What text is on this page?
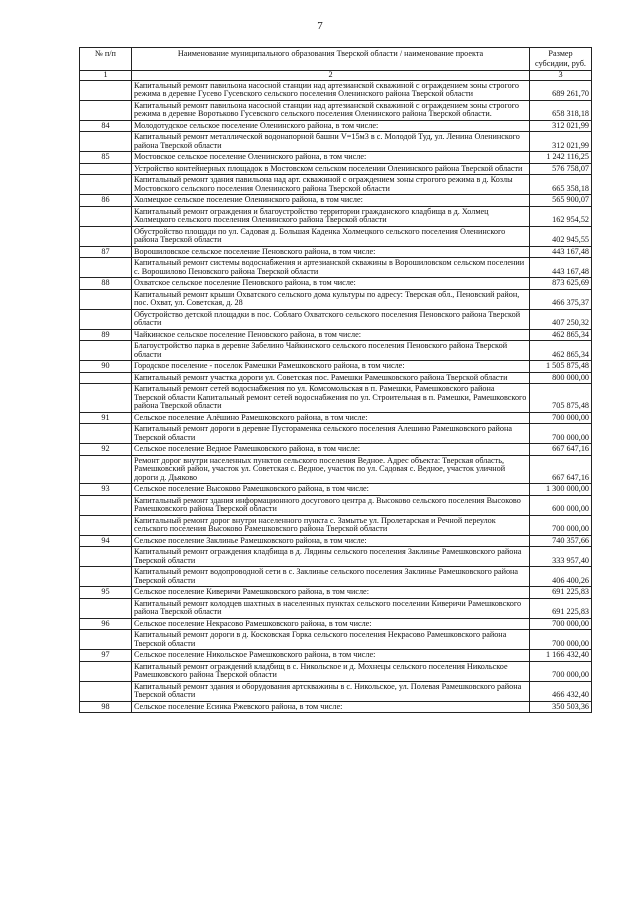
7
№ п/п	Наименование муниципального образования Тверской области / наименование проекта	Размер субсидии, руб.
1	2	3
	Капитальный ремонт павильона насосной станции над артезианской скважиной с ограждением зоны строгого режима в деревне Гусево Гусевского сельского поселения Оленинского района Тверской области	689 261,70
	Капитальный ремонт павильона насосной станции над артезианской скважиной с ограждением зоны строгого режима в деревне Воротьково Гусевского сельского поселения Оленинского района Тверской области.	658 318,18
84	Молодотудское сельское поселение Оленинского района, в том числе:	312 021,99
	Капитальный ремонт металлической водонапорной башни V=15м3 в с. Молодой Туд, ул. Ленина Оленинского района Тверской области	312 021,99
85	Мостовское сельское поселение Оленинского района, в том числе:	1 242 116,25
	Устройство контейнерных площадок в Мостовском сельском поселении Оленинского района Тверской области	576 758,07
	Капитальный ремонт здания павильона над арт. скважиной с ограждением зоны строгого режима в д. Козлы Мостовского сельского поселения Оленинского района Тверской области	665 358,18
86	Холмецкое сельское поселение Оленинского района, в том числе:	565 900,07
	Капитальный ремонт ограждения и благоустройство территории гражданского кладбища в д. Холмец Холмецкого сельского поселения Оленинского района Тверской области	162 954,52
	Обустройство площади по ул. Садовая д. Большая Каденка Холмецкого сельского поселения Оленинского района Тверской области	402 945,55
87	Ворошиловское сельское поселение Пеновского района, в том числе:	443 167,48
	Капитальный ремонт системы водоснабжения и артезианской скважины в Ворошиловском сельском поселении с. Ворошилово Пеновского района Тверской области	443 167,48
88	Охватское сельское поселение Пеновского района, в том числе:	873 625,69
	Капитальный ремонт крыши Охватского сельского дома культуры по адресу: Тверская обл., Пеновский район, пос. Охват, ул. Советская, д. 28	466 375,37
	Обустройство детской площадки в пос. Соблаго Охватского сельского поселения Пеновского района Тверской области	407 250,32
89	Чайкинское сельское поселение Пеновского района, в том числе:	462 865,34
	Благоустройство парка в деревне Забелино Чайкинского сельского поселения Пеновского района Тверской области	462 865,34
90	Городское поселение - поселок Рамешки Рамешковского района, в том числе:	1 505 875,48
	Капитальный ремонт участка дороги ул. Советская пос. Рамешки Рамешковского района Тверской области	800 000,00
	Капитальный ремонт сетей водоснабжения по ул. Комсомольская в п. Рамешки, Рамешковского района Тверской области Капитальный ремонт сетей водоснабжения по ул. Строительная в п. Рамешки, Рамешковского района Тверской области	705 875,48
91	Сельское поселение Алёшино Рамешковского района, в том числе:	700 000,00
	Капитальный ремонт дороги в деревне Пустораменка сельского поселения Алешино Рамешковского района Тверской области	700 000,00
92	Сельское поселение Ведное Рамешковского района, в том числе:	667 647,16
	Ремонт дорог внутри населенных пунктов сельского поселения Ведное. Адрес объекта: Тверская область, Рамешковский район, участок ул. Советская с. Ведное, участок по ул. Садовая с. Ведное, участок уличной дороги д. Дьяково	667 647,16
93	Сельское поселение Высоково Рамешковского района, в том числе:	1 300 000,00
	Капитальный ремонт здания информационного досугового центра д. Высоково сельского поселения Высоково Рамешковского района Тверской области	600 000,00
	Капитальный ремонт дорог внутри населенного пункта с. Замытье ул. Пролетарская и Речной переулок сельского поселения Высоково Рамешковского района Тверской области	700 000,00
94	Сельское поселение Заклинье Рамешковского района, в том числе:	740 357,66
	Капитальный ремонт ограждения кладбища в д. Лядины сельского поселения Заклинье Рамешковского района Тверской области	333 957,40
	Капитальный ремонт водопроводной сети в с. Заклинье сельского поселения Заклинье Рамешковского района Тверской области	406 400,26
95	Сельское поселение Киверичи Рамешковского района, в том числе:	691 225,83
	Капитальный ремонт колодцев шахтных в населенных пунктах сельского поселении Киверичи Рамешковского района Тверской области	691 225,83
96	Сельское поселение Некрасово Рамешковского района, в том числе:	700 000,00
	Капитальный ремонт дороги в д. Косковская Горка сельского поселения Некрасово Рамешковского района Тверской области	700 000,00
97	Сельское поселение Никольское Рамешковского района, в том числе:	1 166 432,40
	Капитальный ремонт ограждений кладбищ в с. Никольское и д. Мохнецы сельского поселения Никольское Рамешковского района Тверской области	700 000,00
	Капитальный ремонт здания и оборудования артскважины в с. Никольское, ул. Полевая Рамешковского района Тверской области	466 432,40
98	Сельское поселение Есинка Ржевского района, в том числе:	350 503,36
